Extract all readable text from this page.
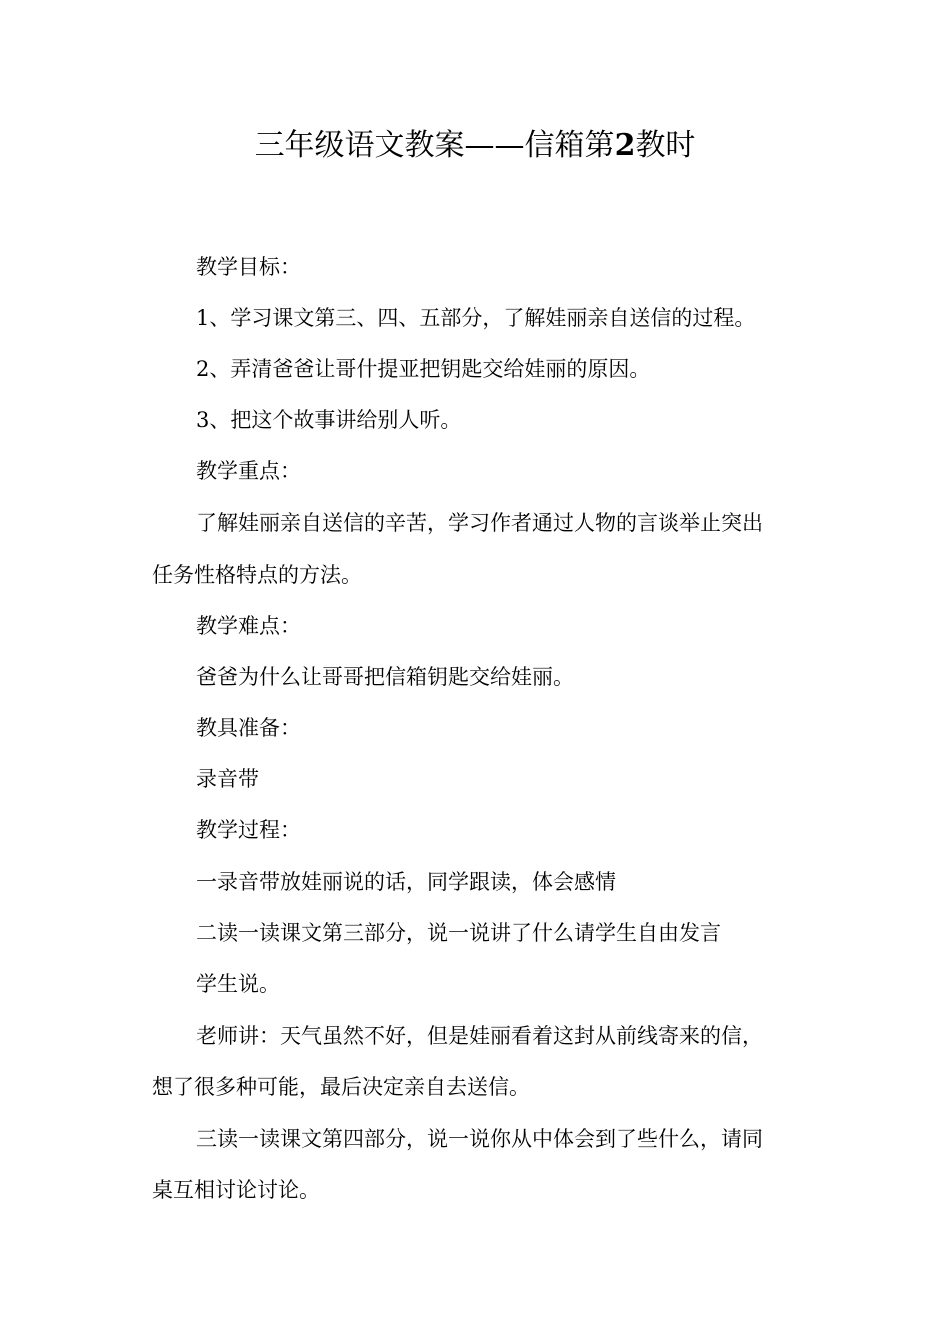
三年级语文教案——信箱第2教时

教学目标：

1、学习课文第三、四、五部分，了解娃丽亲自送信的过程。

2、弄清爸爸让哥什提亚把钥匙交给娃丽的原因。

3、把这个故事讲给别人听。

教学重点：

了解娃丽亲自送信的辛苦，学习作者通过人物的言谈举止突出

任务性格特点的方法。

教学难点：

爸爸为什么让哥哥把信箱钥匙交给娃丽。

教具准备：

录音带

教学过程：

一录音带放娃丽说的话，同学跟读，体会感情

二读一读课文第三部分，说一说讲了什么请学生自由发言

学生说。

老师讲：天气虽然不好，但是娃丽看着这封从前线寄来的信，

想了很多种可能，最后决定亲自去送信。

三读一读课文第四部分，说一说你从中体会到了些什么，请同

桌互相讨论讨论。
